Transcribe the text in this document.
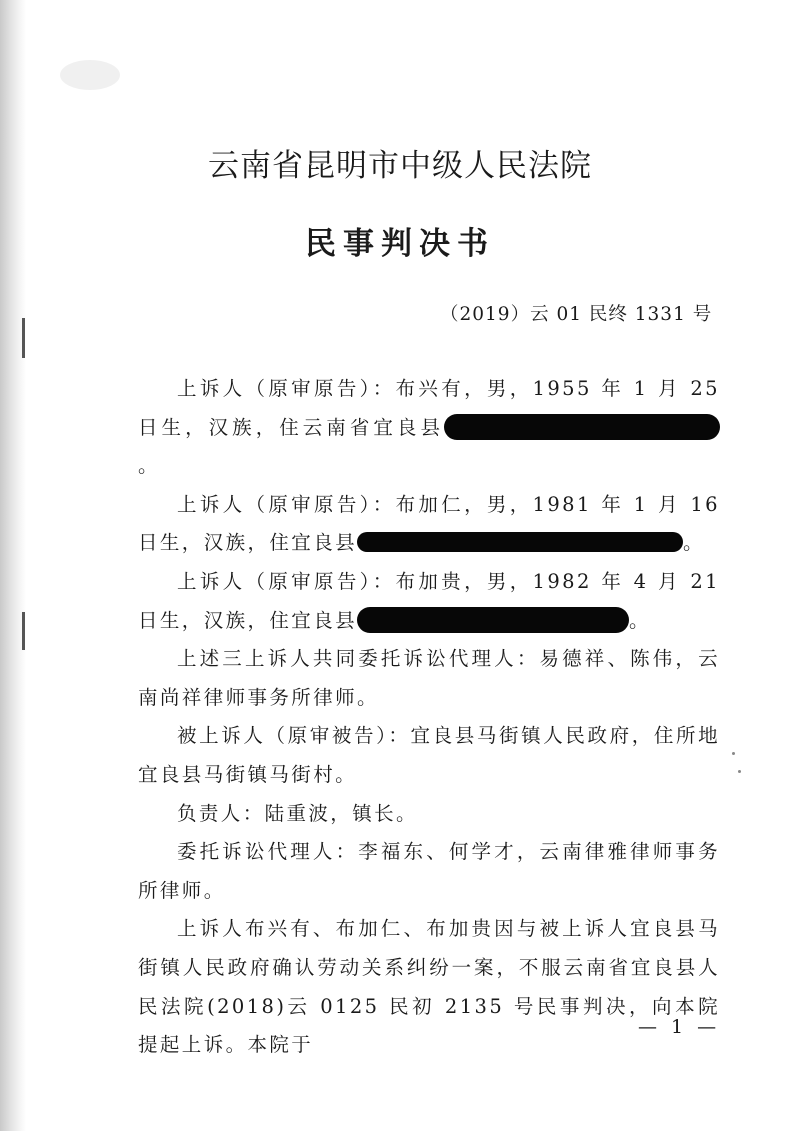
云南省昆明市中级人民法院
民事判决书
（2019）云 01 民终 1331 号

上诉人（原审原告）：布兴有，男，1955 年 1 月 25 日生，汉族，住云南省宜良县。

上诉人（原审原告）：布加仁，男，1981 年 1 月 16 日生，汉族，住宜良县	。

上诉人（原审原告）：布加贵，男，1982 年 4 月 21 日生，汉族，住宜良县	。

上述三上诉人共同委托诉讼代理人：易德祥、陈伟，云南尚祥律师事务所律师。

被上诉人（原审被告）：宜良县马街镇人民政府，住所地宜良县马街镇马街村。

负责人：陆重波，镇长。

委托诉讼代理人：李福东、何学才，云南律雅律师事务所律师。

上诉人布兴有、布加仁、布加贵因与被上诉人宜良县马街镇人民政府确认劳动关系纠纷一案，不服云南省宜良县人民法院(2018)云 0125 民初 2135 号民事判决，向本院提起上诉。本院于

— 1 —
